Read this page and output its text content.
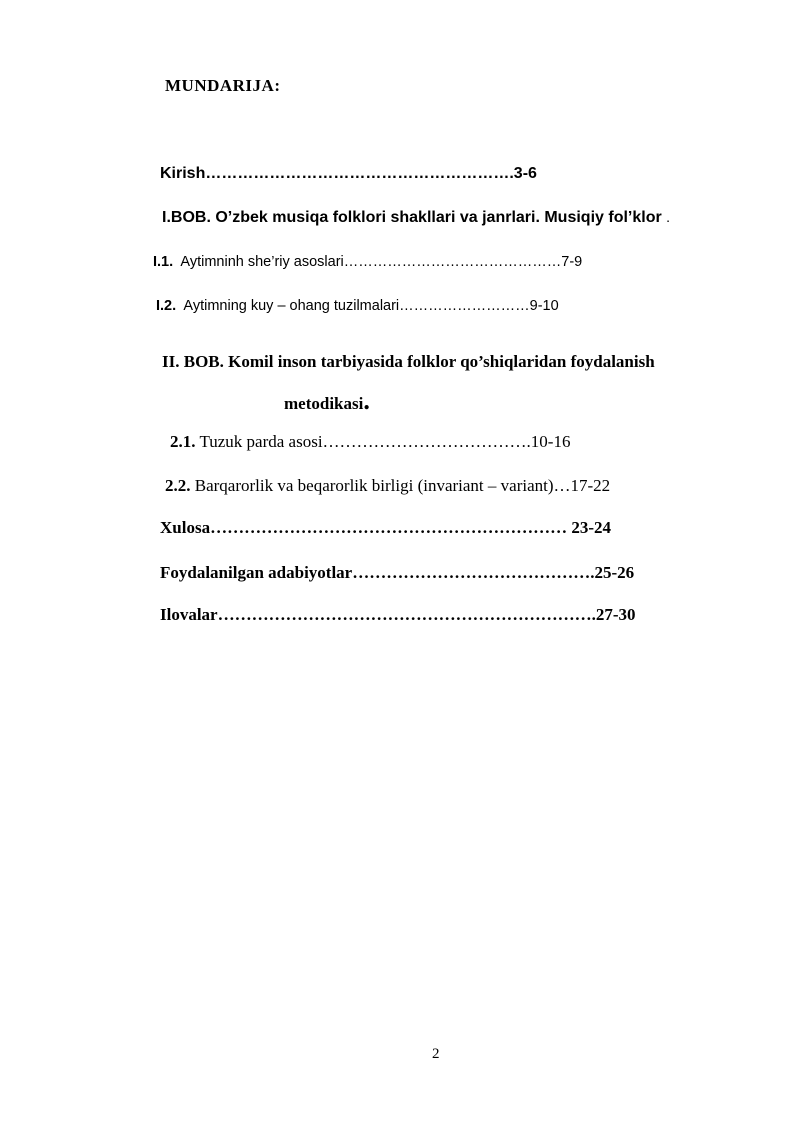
MUNDARIJA:
Kirish………………………………………………….3-6
I.BOB. O’zbek musiqa folklori shakllari va janrlari. Musiqiy fol’klor .
I.1. Aytimninh she’riy asoslari………………………………………7-9
I.2. Aytimning kuy – ohang tuzilmalari………………………9-10
II. BOB. Komil inson tarbiyasida folklor qo’shiqlaridan foydalanish
metodikasi.
2.1. Tuzuk parda asosi……………………………….10-16
2.2. Barqarorlik va beqarorlik birligi (invariant – variant)…17-22
Xulosa……………………………………………………… 23-24
Foydalanilgan adabiyotlar…………………………………….25-26
Ilovalar………………………………………………………….27-30
2
